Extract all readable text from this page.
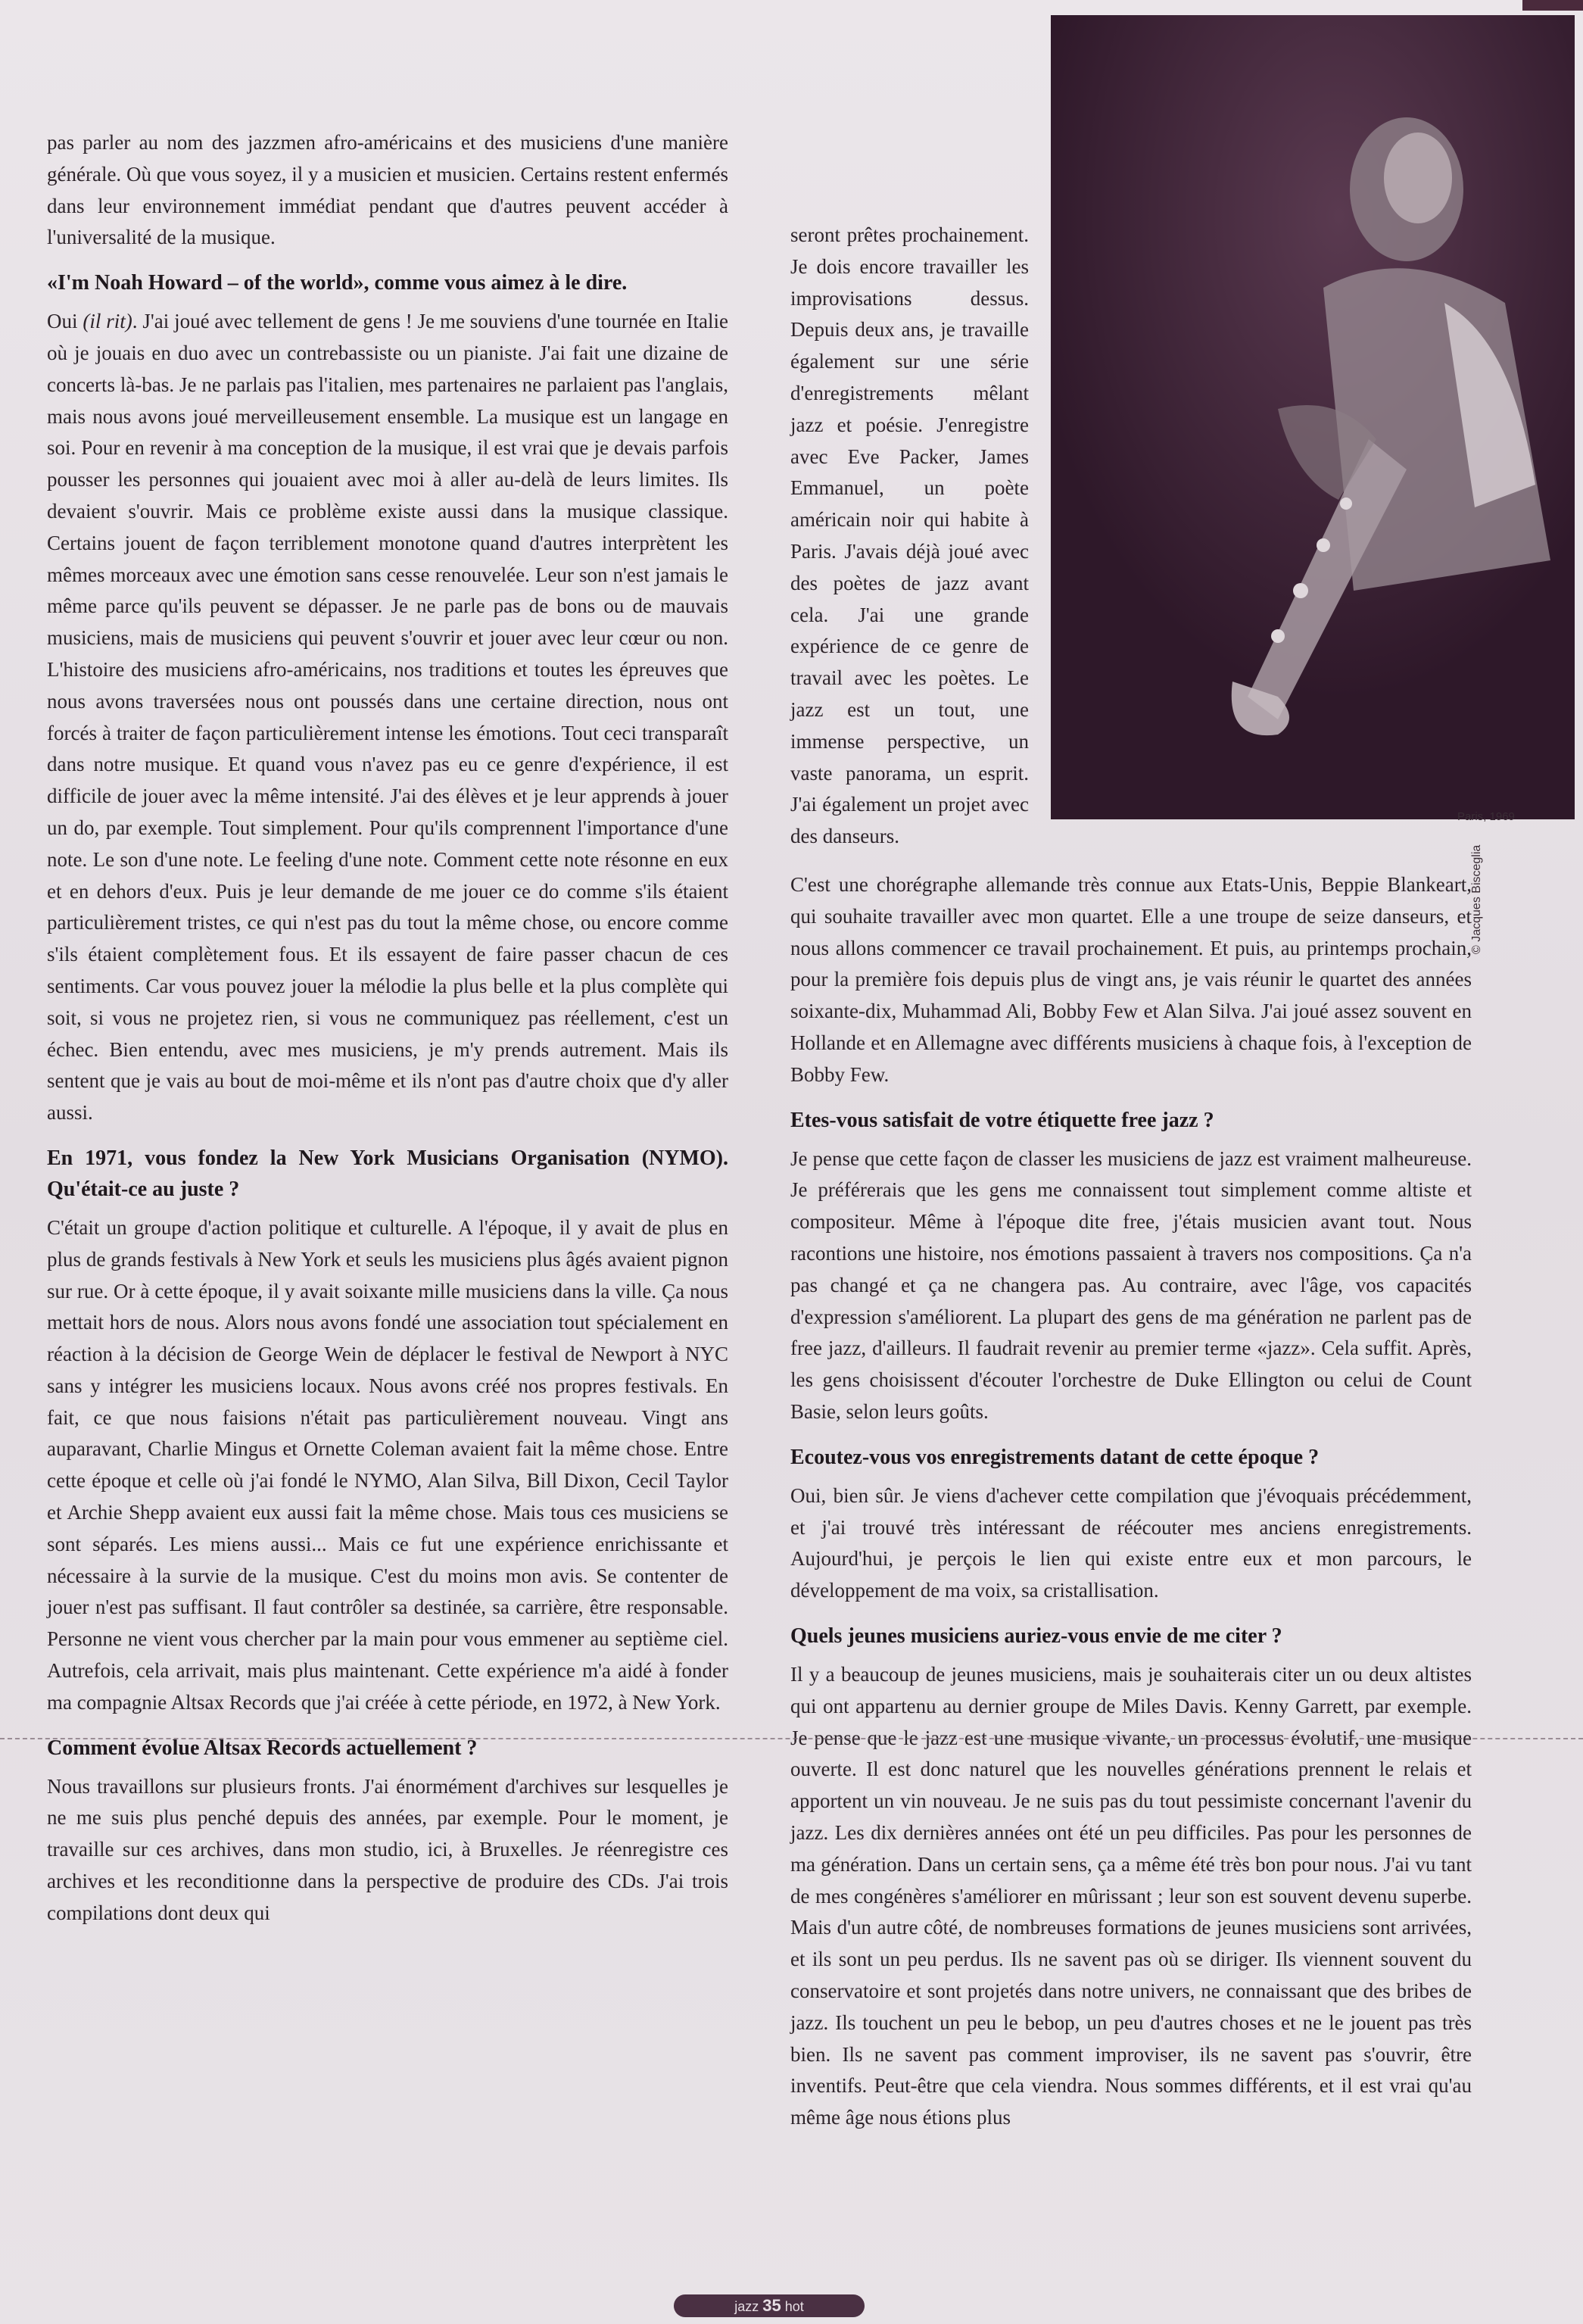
pas parler au nom des jazzmen afro-américains et des musiciens d'une manière générale. Où que vous soyez, il y a musicien et musicien. Certains restent enfermés dans leur environnement immédiat pendant que d'autres peuvent accéder à l'universalité de la musique.

«I'm Noah Howard – of the world», comme vous aimez à le dire.

Oui (il rit). J'ai joué avec tellement de gens ! Je me souviens d'une tournée en Italie où je jouais en duo avec un contrebassiste ou un pianiste. J'ai fait une dizaine de concerts là-bas. Je ne parlais pas l'italien, mes partenaires ne parlaient pas l'anglais, mais nous avons joué merveilleusement ensemble. La musique est un langage en soi. Pour en revenir à ma conception de la musique, il est vrai que je devais parfois pousser les personnes qui jouaient avec moi à aller au-delà de leurs limites. Ils devaient s'ouvrir. Mais ce problème existe aussi dans la musique classique. Certains jouent de façon terriblement monotone quand d'autres interprètent les mêmes morceaux avec une émotion sans cesse renouvelée. Leur son n'est jamais le même parce qu'ils peuvent se dépasser. Je ne parle pas de bons ou de mauvais musiciens, mais de musiciens qui peuvent s'ouvrir et jouer avec leur cœur ou non. L'histoire des musiciens afro-américains, nos traditions et toutes les épreuves que nous avons traversées nous ont poussés dans une certaine direction, nous ont forcés à traiter de façon particulièrement intense les émotions. Tout ceci transparaît dans notre musique. Et quand vous n'avez pas eu ce genre d'expérience, il est difficile de jouer avec la même intensité. J'ai des élèves et je leur apprends à jouer un do, par exemple. Tout simplement. Pour qu'ils comprennent l'importance d'une note. Le son d'une note. Le feeling d'une note. Comment cette note résonne en eux et en dehors d'eux. Puis je leur demande de me jouer ce do comme s'ils étaient particulièrement tristes, ce qui n'est pas du tout la même chose, ou encore comme s'ils étaient complètement fous. Et ils essayent de faire passer chacun de ces sentiments. Car vous pouvez jouer la mélodie la plus belle et la plus complète qui soit, si vous ne projetez rien, si vous ne communiquez pas réellement, c'est un échec. Bien entendu, avec mes musiciens, je m'y prends autrement. Mais ils sentent que je vais au bout de moi-même et ils n'ont pas d'autre choix que d'y aller aussi.

En 1971, vous fondez la New York Musicians Organisation (NYMO). Qu'était-ce au juste ?

C'était un groupe d'action politique et culturelle. A l'époque, il y avait de plus en plus de grands festivals à New York et seuls les musiciens plus âgés avaient pignon sur rue. Or à cette époque, il y avait soixante mille musiciens dans la ville. Ça nous mettait hors de nous. Alors nous avons fondé une association tout spécialement en réaction à la décision de George Wein de déplacer le festival de Newport à NYC sans y intégrer les musiciens locaux. Nous avons créé nos propres festivals. En fait, ce que nous faisions n'était pas particulièrement nouveau. Vingt ans auparavant, Charlie Mingus et Ornette Coleman avaient fait la même chose. Entre cette époque et celle où j'ai fondé le NYMO, Alan Silva, Bill Dixon, Cecil Taylor et Archie Shepp avaient eux aussi fait la même chose. Mais tous ces musiciens se sont séparés. Les miens aussi... Mais ce fut une expérience enrichissante et nécessaire à la survie de la musique. C'est du moins mon avis. Se contenter de jouer n'est pas suffisant. Il faut contrôler sa destinée, sa carrière, être responsable. Personne ne vient vous chercher par la main pour vous emmener au septième ciel. Autrefois, cela arrivait, mais plus maintenant. Cette expérience m'a aidé à fonder ma compagnie Altsax Records que j'ai créée à cette période, en 1972, à New York.

Comment évolue Altsax Records actuellement ?

Nous travaillons sur plusieurs fronts. J'ai énormément d'archives sur lesquelles je ne me suis plus penché depuis des années, par exemple. Pour le moment, je travaille sur ces archives, dans mon studio, ici, à Bruxelles. Je réenregistre ces archives et les reconditionne dans la perspective de produire des CDs. J'ai trois compilations dont deux qui

Paris, 1969
© Jacques Bisceglia

seront prêtes prochainement. Je dois encore travailler les improvisations dessus. Depuis deux ans, je travaille également sur une série d'enregistrements mêlant jazz et poésie. J'enregistre avec Eve Packer, James Emmanuel, un poète américain noir qui habite à Paris. J'avais déjà joué avec des poètes de jazz avant cela. J'ai une grande expérience de ce genre de travail avec les poètes. Le jazz est un tout, une immense perspective, un vaste panorama, un esprit. J'ai également un projet avec des danseurs.

C'est une chorégraphe allemande très connue aux Etats-Unis, Beppie Blankeart, qui souhaite travailler avec mon quartet. Elle a une troupe de seize danseurs, et nous allons commencer ce travail prochainement. Et puis, au printemps prochain, pour la première fois depuis plus de vingt ans, je vais réunir le quartet des années soixante-dix, Muhammad Ali, Bobby Few et Alan Silva. J'ai joué assez souvent en Hollande et en Allemagne avec différents musiciens à chaque fois, à l'exception de Bobby Few.

Etes-vous satisfait de votre étiquette free jazz ?

Je pense que cette façon de classer les musiciens de jazz est vraiment malheureuse. Je préférerais que les gens me connaissent tout simplement comme altiste et compositeur. Même à l'époque dite free, j'étais musicien avant tout. Nous racontions une histoire, nos émotions passaient à travers nos compositions. Ça n'a pas changé et ça ne changera pas. Au contraire, avec l'âge, vos capacités d'expression s'améliorent. La plupart des gens de ma génération ne parlent pas de free jazz, d'ailleurs. Il faudrait revenir au premier terme «jazz». Cela suffit. Après, les gens choisissent d'écouter l'orchestre de Duke Ellington ou celui de Count Basie, selon leurs goûts.

Ecoutez-vous vos enregistrements datant de cette époque ?

Oui, bien sûr. Je viens d'achever cette compilation que j'évoquais précédemment, et j'ai trouvé très intéressant de réécouter mes anciens enregistrements. Aujourd'hui, je perçois le lien qui existe entre eux et mon parcours, le développement de ma voix, sa cristallisation.

Quels jeunes musiciens auriez-vous envie de me citer ?

Il y a beaucoup de jeunes musiciens, mais je souhaiterais citer un ou deux altistes qui ont appartenu au dernier groupe de Miles Davis. Kenny Garrett, par exemple. Je pense que le jazz est une musique vivante, un processus évolutif, une musique ouverte. Il est donc naturel que les nouvelles générations prennent le relais et apportent un vin nouveau. Je ne suis pas du tout pessimiste concernant l'avenir du jazz. Les dix dernières années ont été un peu difficiles. Pas pour les personnes de ma génération. Dans un certain sens, ça a même été très bon pour nous. J'ai vu tant de mes congénères s'améliorer en mûrissant ; leur son est souvent devenu superbe. Mais d'un autre côté, de nombreuses formations de jeunes musiciens sont arrivées, et ils sont un peu perdus. Ils ne savent pas où se diriger. Ils viennent souvent du conservatoire et sont projetés dans notre univers, ne connaissant que des bribes de jazz. Ils touchent un peu le bebop, un peu d'autres choses et ne le jouent pas très bien. Ils ne savent pas comment improviser, ils ne savent pas s'ouvrir, être inventifs. Peut-être que cela viendra. Nous sommes différents, et il est vrai qu'au même âge nous étions plus

jazz 35 hot
